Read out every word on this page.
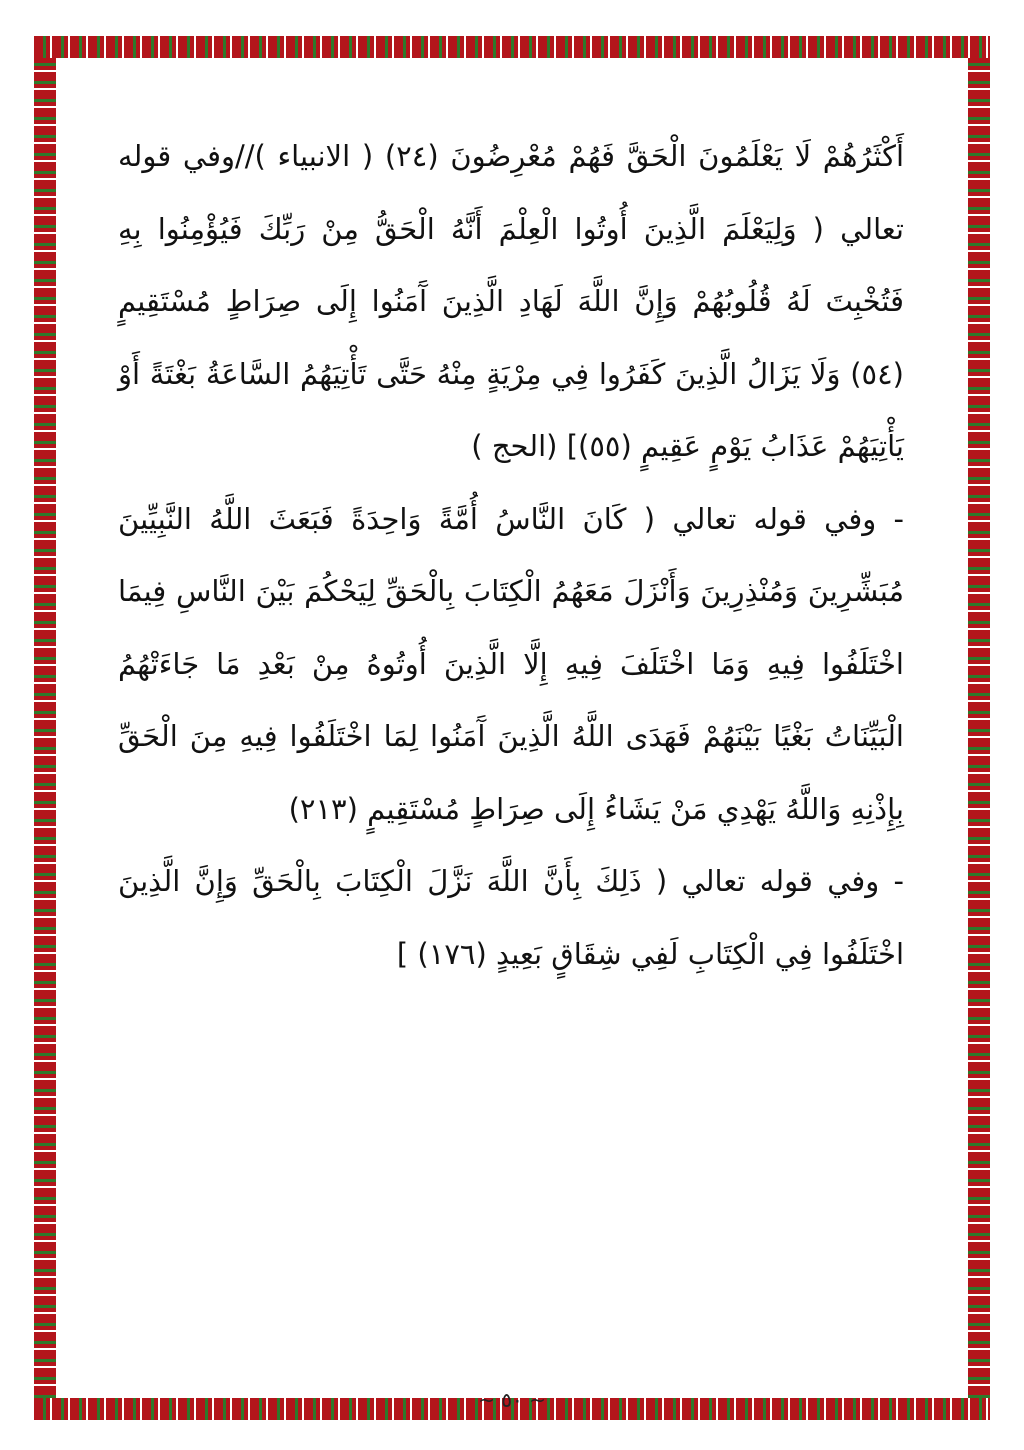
أَكْثَرُهُمْ لَا يَعْلَمُونَ الْحَقَّ فَهُمْ مُعْرِضُونَ (٢٤) ( الانبياء )//وفي قوله تعالي ( وَلِيَعْلَمَ الَّذِينَ أُوتُوا الْعِلْمَ أَنَّهُ الْحَقُّ مِنْ رَبِّكَ فَيُؤْمِنُوا بِهِ فَتُخْبِتَ لَهُ قُلُوبُهُمْ وَإِنَّ اللَّهَ لَهَادِ الَّذِينَ آَمَنُوا إِلَى صِرَاطٍ مُسْتَقِيمٍ (٥٤) وَلَا يَزَالُ الَّذِينَ كَفَرُوا فِي مِرْيَةٍ مِنْهُ حَتَّى تَأْتِيَهُمُ السَّاعَةُ بَغْتَةً أَوْ يَأْتِيَهُمْ عَذَابُ يَوْمٍ عَقِيمٍ (٥٥)] (الحج )

- وفي قوله تعالي ( كَانَ النَّاسُ أُمَّةً وَاحِدَةً فَبَعَثَ اللَّهُ النَّبِيِّينَ مُبَشِّرِينَ وَمُنْذِرِينَ وَأَنْزَلَ مَعَهُمُ الْكِتَابَ بِالْحَقِّ لِيَحْكُمَ بَيْنَ النَّاسِ فِيمَا اخْتَلَفُوا فِيهِ وَمَا اخْتَلَفَ فِيهِ إِلَّا الَّذِينَ أُوتُوهُ مِنْ بَعْدِ مَا جَاءَتْهُمُ الْبَيِّنَاتُ بَغْيًا بَيْنَهُمْ فَهَدَى اللَّهُ الَّذِينَ آَمَنُوا لِمَا اخْتَلَفُوا فِيهِ مِنَ الْحَقِّ بِإِذْنِهِ وَاللَّهُ يَهْدِي مَنْ يَشَاءُ إِلَى صِرَاطٍ مُسْتَقِيمٍ (٢١٣)

- وفي قوله تعالي ( ذَلِكَ بِأَنَّ اللَّهَ نَزَّلَ الْكِتَابَ بِالْحَقِّ وَإِنَّ الَّذِينَ اخْتَلَفُوا فِي الْكِتَابِ لَفِي شِقَاقٍ بَعِيدٍ (١٧٦) ]

~ ٥٠ ~
